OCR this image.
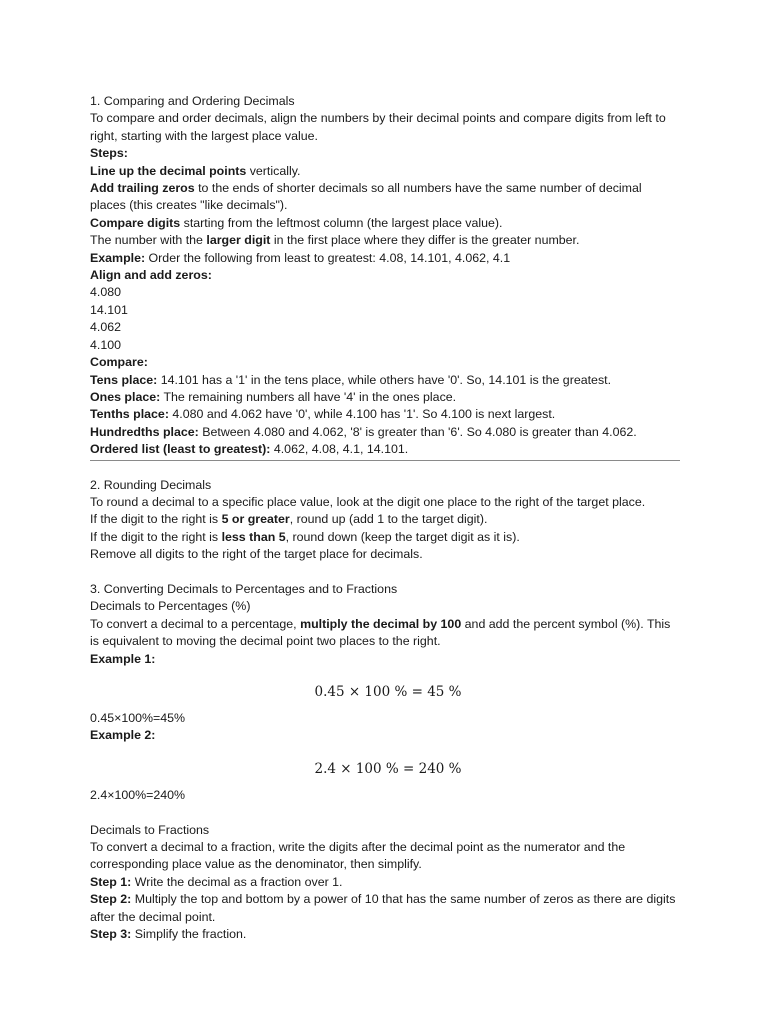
1. Comparing and Ordering Decimals
To compare and order decimals, align the numbers by their decimal points and compare digits from left to right, starting with the largest place value.
Steps:
Line up the decimal points vertically.
Add trailing zeros to the ends of shorter decimals so all numbers have the same number of decimal places (this creates "like decimals").
Compare digits starting from the leftmost column (the largest place value).
The number with the larger digit in the first place where they differ is the greater number.
Example: Order the following from least to greatest: 4.08, 14.101, 4.062, 4.1
Align and add zeros:
4.080
14.101
4.062
4.100
Compare:
Tens place: 14.101 has a '1' in the tens place, while others have '0'. So, 14.101 is the greatest.
Ones place: The remaining numbers all have '4' in the ones place.
Tenths place: 4.080 and 4.062 have '0', while 4.100 has '1'. So 4.100 is next largest.
Hundredths place: Between 4.080 and 4.062, '8' is greater than '6'. So 4.080 is greater than 4.062.
Ordered list (least to greatest): 4.062, 4.08, 4.1, 14.101.
2. Rounding Decimals
To round a decimal to a specific place value, look at the digit one place to the right of the target place.
If the digit to the right is 5 or greater, round up (add 1 to the target digit).
If the digit to the right is less than 5, round down (keep the target digit as it is).
Remove all digits to the right of the target place for decimals.
3. Converting Decimals to Percentages and to Fractions
Decimals to Percentages (%)
To convert a decimal to a percentage, multiply the decimal by 100 and add the percent symbol (%). This is equivalent to moving the decimal point two places to the right.
Example 1:
0.45 × 100 % = 45 %
0.45×100%=45%
Example 2:
2.4 × 100 % = 240 %
2.4×100%=240%
Decimals to Fractions
To convert a decimal to a fraction, write the digits after the decimal point as the numerator and the corresponding place value as the denominator, then simplify.
Step 1: Write the decimal as a fraction over 1.
Step 2: Multiply the top and bottom by a power of 10 that has the same number of zeros as there are digits after the decimal point.
Step 3: Simplify the fraction.
